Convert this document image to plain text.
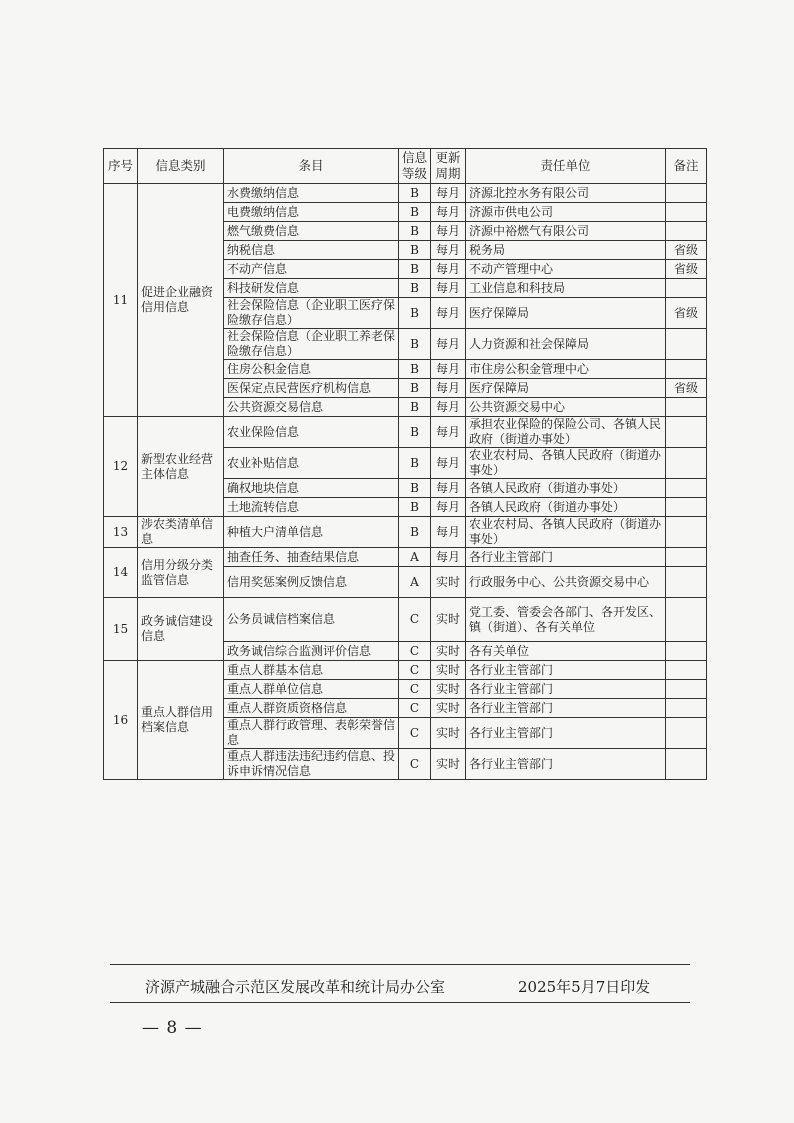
序号	信息类别	条目	信息等级	更新周期	责任单位	备注
11	促进企业融资信用信息	水费缴纳信息	B	每月	济源北控水务有限公司	
		电费缴纳信息	B	每月	济源市供电公司	
		燃气缴费信息	B	每月	济源中裕燃气有限公司	
		纳税信息	B	每月	税务局	省级
		不动产信息	B	每月	不动产管理中心	省级
		科技研发信息	B	每月	工业信息和科技局	
		社会保险信息（企业职工医疗保险缴存信息）	B	每月	医疗保障局	省级
		社会保险信息（企业职工养老保险缴存信息）	B	每月	人力资源和社会保障局	
		住房公积金信息	B	每月	市住房公积金管理中心	
		医保定点民营医疗机构信息	B	每月	医疗保障局	省级
		公共资源交易信息	B	每月	公共资源交易中心	
12	新型农业经营主体信息	农业保险信息	B	每月	承担农业保险的保险公司、各镇人民政府（街道办事处）	
		农业补贴信息	B	每月	农业农村局、各镇人民政府（街道办事处）	
		确权地块信息	B	每月	各镇人民政府（街道办事处）	
		土地流转信息	B	每月	各镇人民政府（街道办事处）	
13	涉农类清单信息	种植大户清单信息	B	每月	农业农村局、各镇人民政府（街道办事处）	
14	信用分级分类监管信息	抽查任务、抽查结果信息	A	每月	各行业主管部门	
		信用奖惩案例反馈信息	A	实时	行政服务中心、公共资源交易中心	
15	政务诚信建设信息	公务员诚信档案信息	C	实时	党工委、管委会各部门、各开发区、镇（街道）、各有关单位	
		政务诚信综合监测评价信息	C	实时	各有关单位	
16	重点人群信用档案信息	重点人群基本信息	C	实时	各行业主管部门	
		重点人群单位信息	C	实时	各行业主管部门	
		重点人群资质资格信息	C	实时	各行业主管部门	
		重点人群行政管理、表彰荣誉信息	C	实时	各行业主管部门	
		重点人群违法违纪违约信息、投诉申诉情况信息	C	实时	各行业主管部门	
济源产城融合示范区发展改革和统计局办公室	2025年5月7日印发
— 8 —
